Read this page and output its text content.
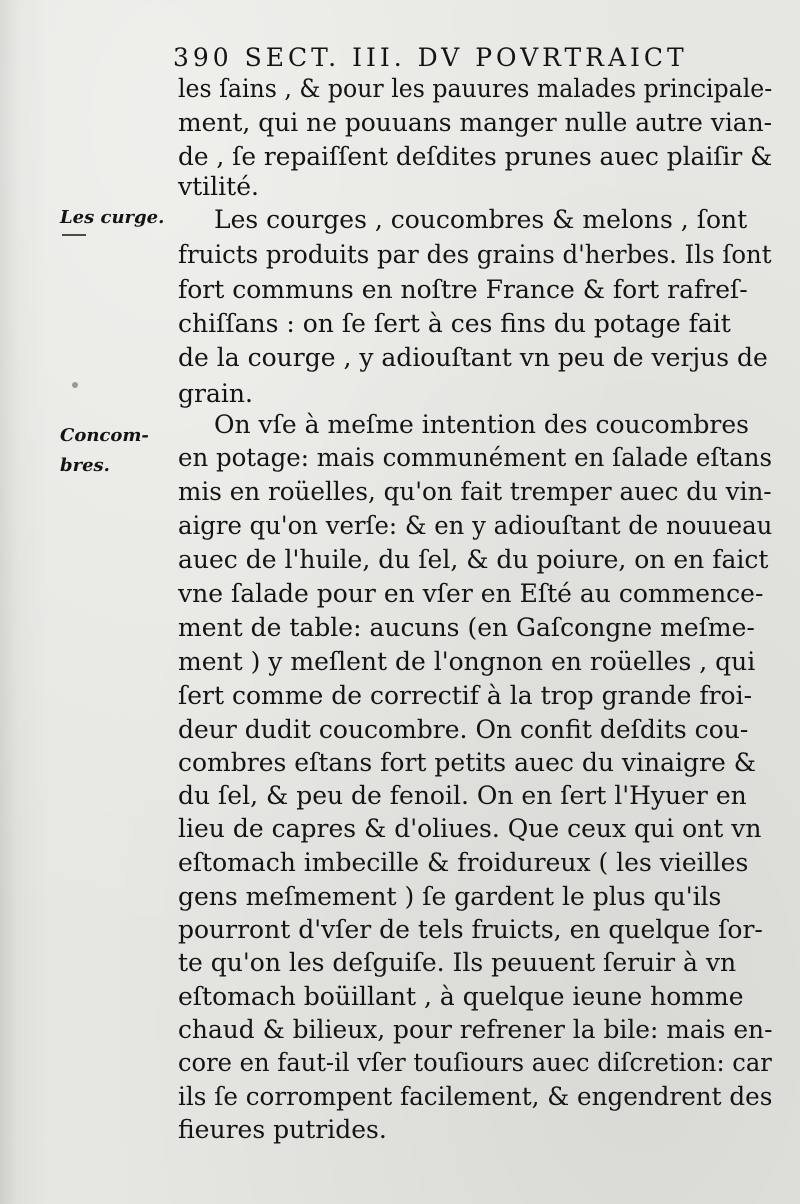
390 SECT. III. DV POVRTRAICT
Les curge.
Concom-
bres.
les ſains , & pour les pauures malades principale-
ment, qui ne pouuans manger nulle autre vian-
de , ſe repaiſſent deſdites prunes auec plaiſir &
vtilité.
Les courges , coucombres & melons , ſont
fruicts produits par des grains d'herbes. Ils ſont
fort communs en noſtre France & fort rafreſ-
chiſſans : on ſe ſert à ces fins du potage fait
de la courge , y adiouſtant vn peu de verjus de
grain.
On vſe à meſme intention des coucombres
en potage: mais communément en ſalade eſtans
mis en roüelles, qu'on fait tremper auec du vin-
aigre qu'on verſe: & en y adiouſtant de nouueau
auec de l'huile, du ſel, & du poiure, on en faict
vne ſalade pour en vſer en Eſté au commence-
ment de table: aucuns (en Gaſcongne meſme-
ment ) y meſlent de l'ongnon en roüelles , qui
ſert comme de correctif à la trop grande froi-
deur dudit coucombre. On confit deſdits cou-
combres eſtans fort petits auec du vinaigre &
du ſel, & peu de fenoil. On en ſert l'Hyuer en
lieu de capres & d'oliues. Que ceux qui ont vn
eſtomach imbecille & froidureux ( les vieilles
gens meſmement ) ſe gardent le plus qu'ils
pourront d'vſer de tels fruicts, en quelque ſor-
te qu'on les deſguiſe. Ils peuuent ſeruir à vn
eſtomach boüillant , à quelque ieune homme
chaud & bilieux, pour refrener la bile: mais en-
core en faut-il vſer touſiours auec diſcretion: car
ils ſe corrompent facilement, & engendrent des
fieures putrides.
